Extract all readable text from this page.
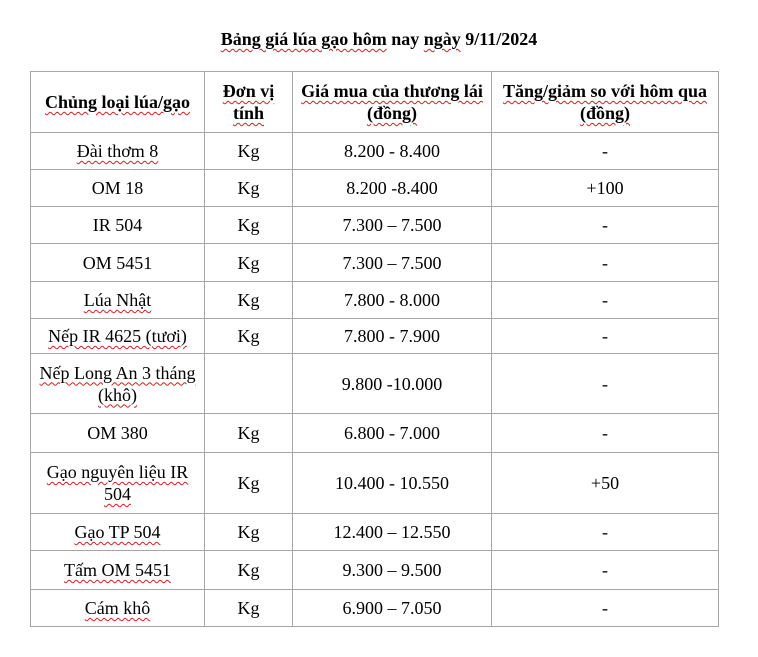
Bảng giá lúa gạo hôm nay ngày 9/11/2024
Chủng loại lúa/gạo	Đơn vị tính	Giá mua của thương lái (đồng)	Tăng/giảm so với hôm qua (đồng)
Đài thơm 8	Kg	8.200 - 8.400	-
OM 18	Kg	8.200 -8.400	+100
IR 504	Kg	7.300 – 7.500	-
OM 5451	Kg	7.300 – 7.500	-
Lúa Nhật	Kg	7.800 - 8.000	-
Nếp IR 4625 (tươi)	Kg	7.800 - 7.900	-
Nếp Long An 3 tháng (khô)		9.800 -10.000	-
OM 380	Kg	6.800 - 7.000	-
Gạo nguyên liệu IR 504	Kg	10.400 - 10.550	+50
Gạo TP 504	Kg	12.400 – 12.550	-
Tấm OM 5451	Kg	9.300 – 9.500	-
Cám khô	Kg	6.900 – 7.050	-
